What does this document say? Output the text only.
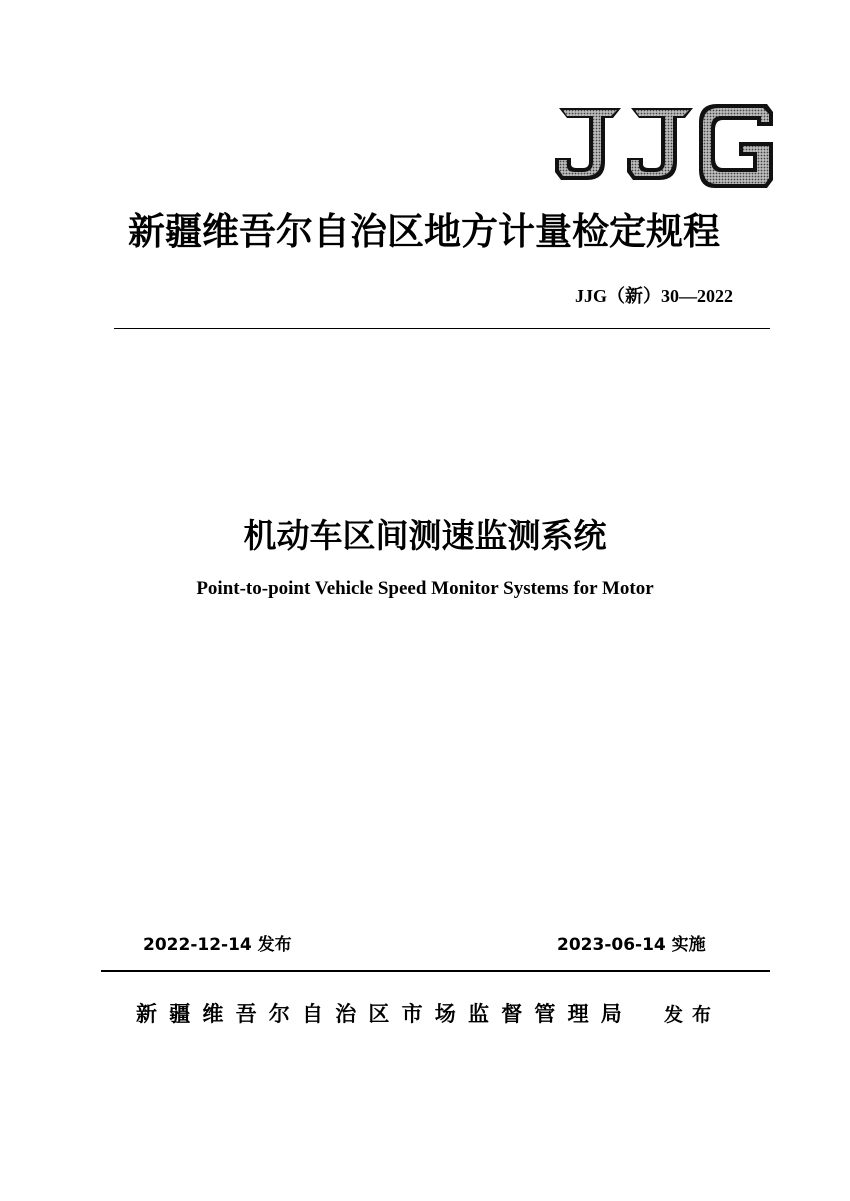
新疆维吾尔自治区地方计量检定规程
JJG（新）30—2022
机动车区间测速监测系统
Point-to-point Vehicle Speed Monitor Systems for Motor
2022-12-14 发布	2023-06-14 实施
新疆维吾尔自治区市场监督管理局 发布
